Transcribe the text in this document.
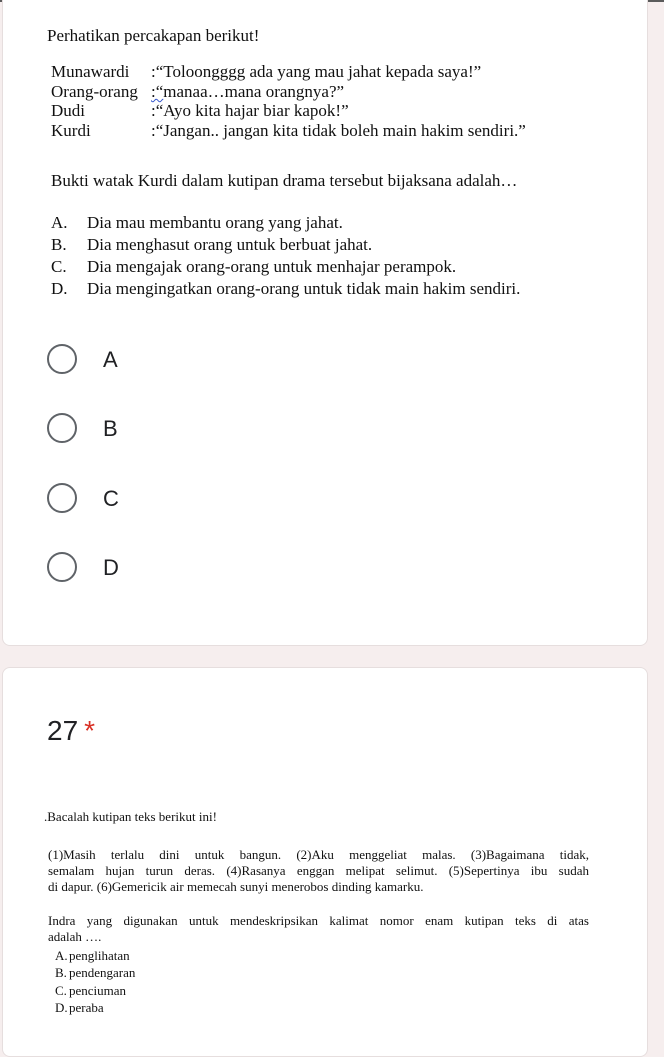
Perhatikan percakapan berikut!
Munawardi :“Toloongggg ada yang mau jahat kepada saya!”
Orang-orang :“manaa…mana orangnya?”
Dudi	:“Ayo kita hajar biar kapok!”
Kurdi	:“Jangan.. jangan kita tidak boleh main hakim sendiri.”
Bukti watak Kurdi dalam kutipan drama tersebut bijaksana adalah…
A. Dia mau membantu orang yang jahat.
B. Dia menghasut orang untuk berbuat jahat.
C. Dia mengajak orang-orang untuk menhajar perampok.
D. Dia mengingatkan orang-orang untuk tidak main hakim sendiri.
A
B
C
D
27 *
.Bacalah kutipan teks berikut ini!
(1)Masih terlalu dini untuk bangun. (2)Aku menggeliat malas. (3)Bagaimana tidak,
semalam hujan turun deras. (4)Rasanya enggan melipat selimut. (5)Sepertinya ibu sudah
di dapur. (6)Gemericik air memecah sunyi menerobos dinding kamarku.
Indra yang digunakan untuk mendeskripsikan kalimat nomor enam kutipan teks di atas
adalah ….
A.penglihatan
B. pendengaran
C. penciuman
D.peraba
